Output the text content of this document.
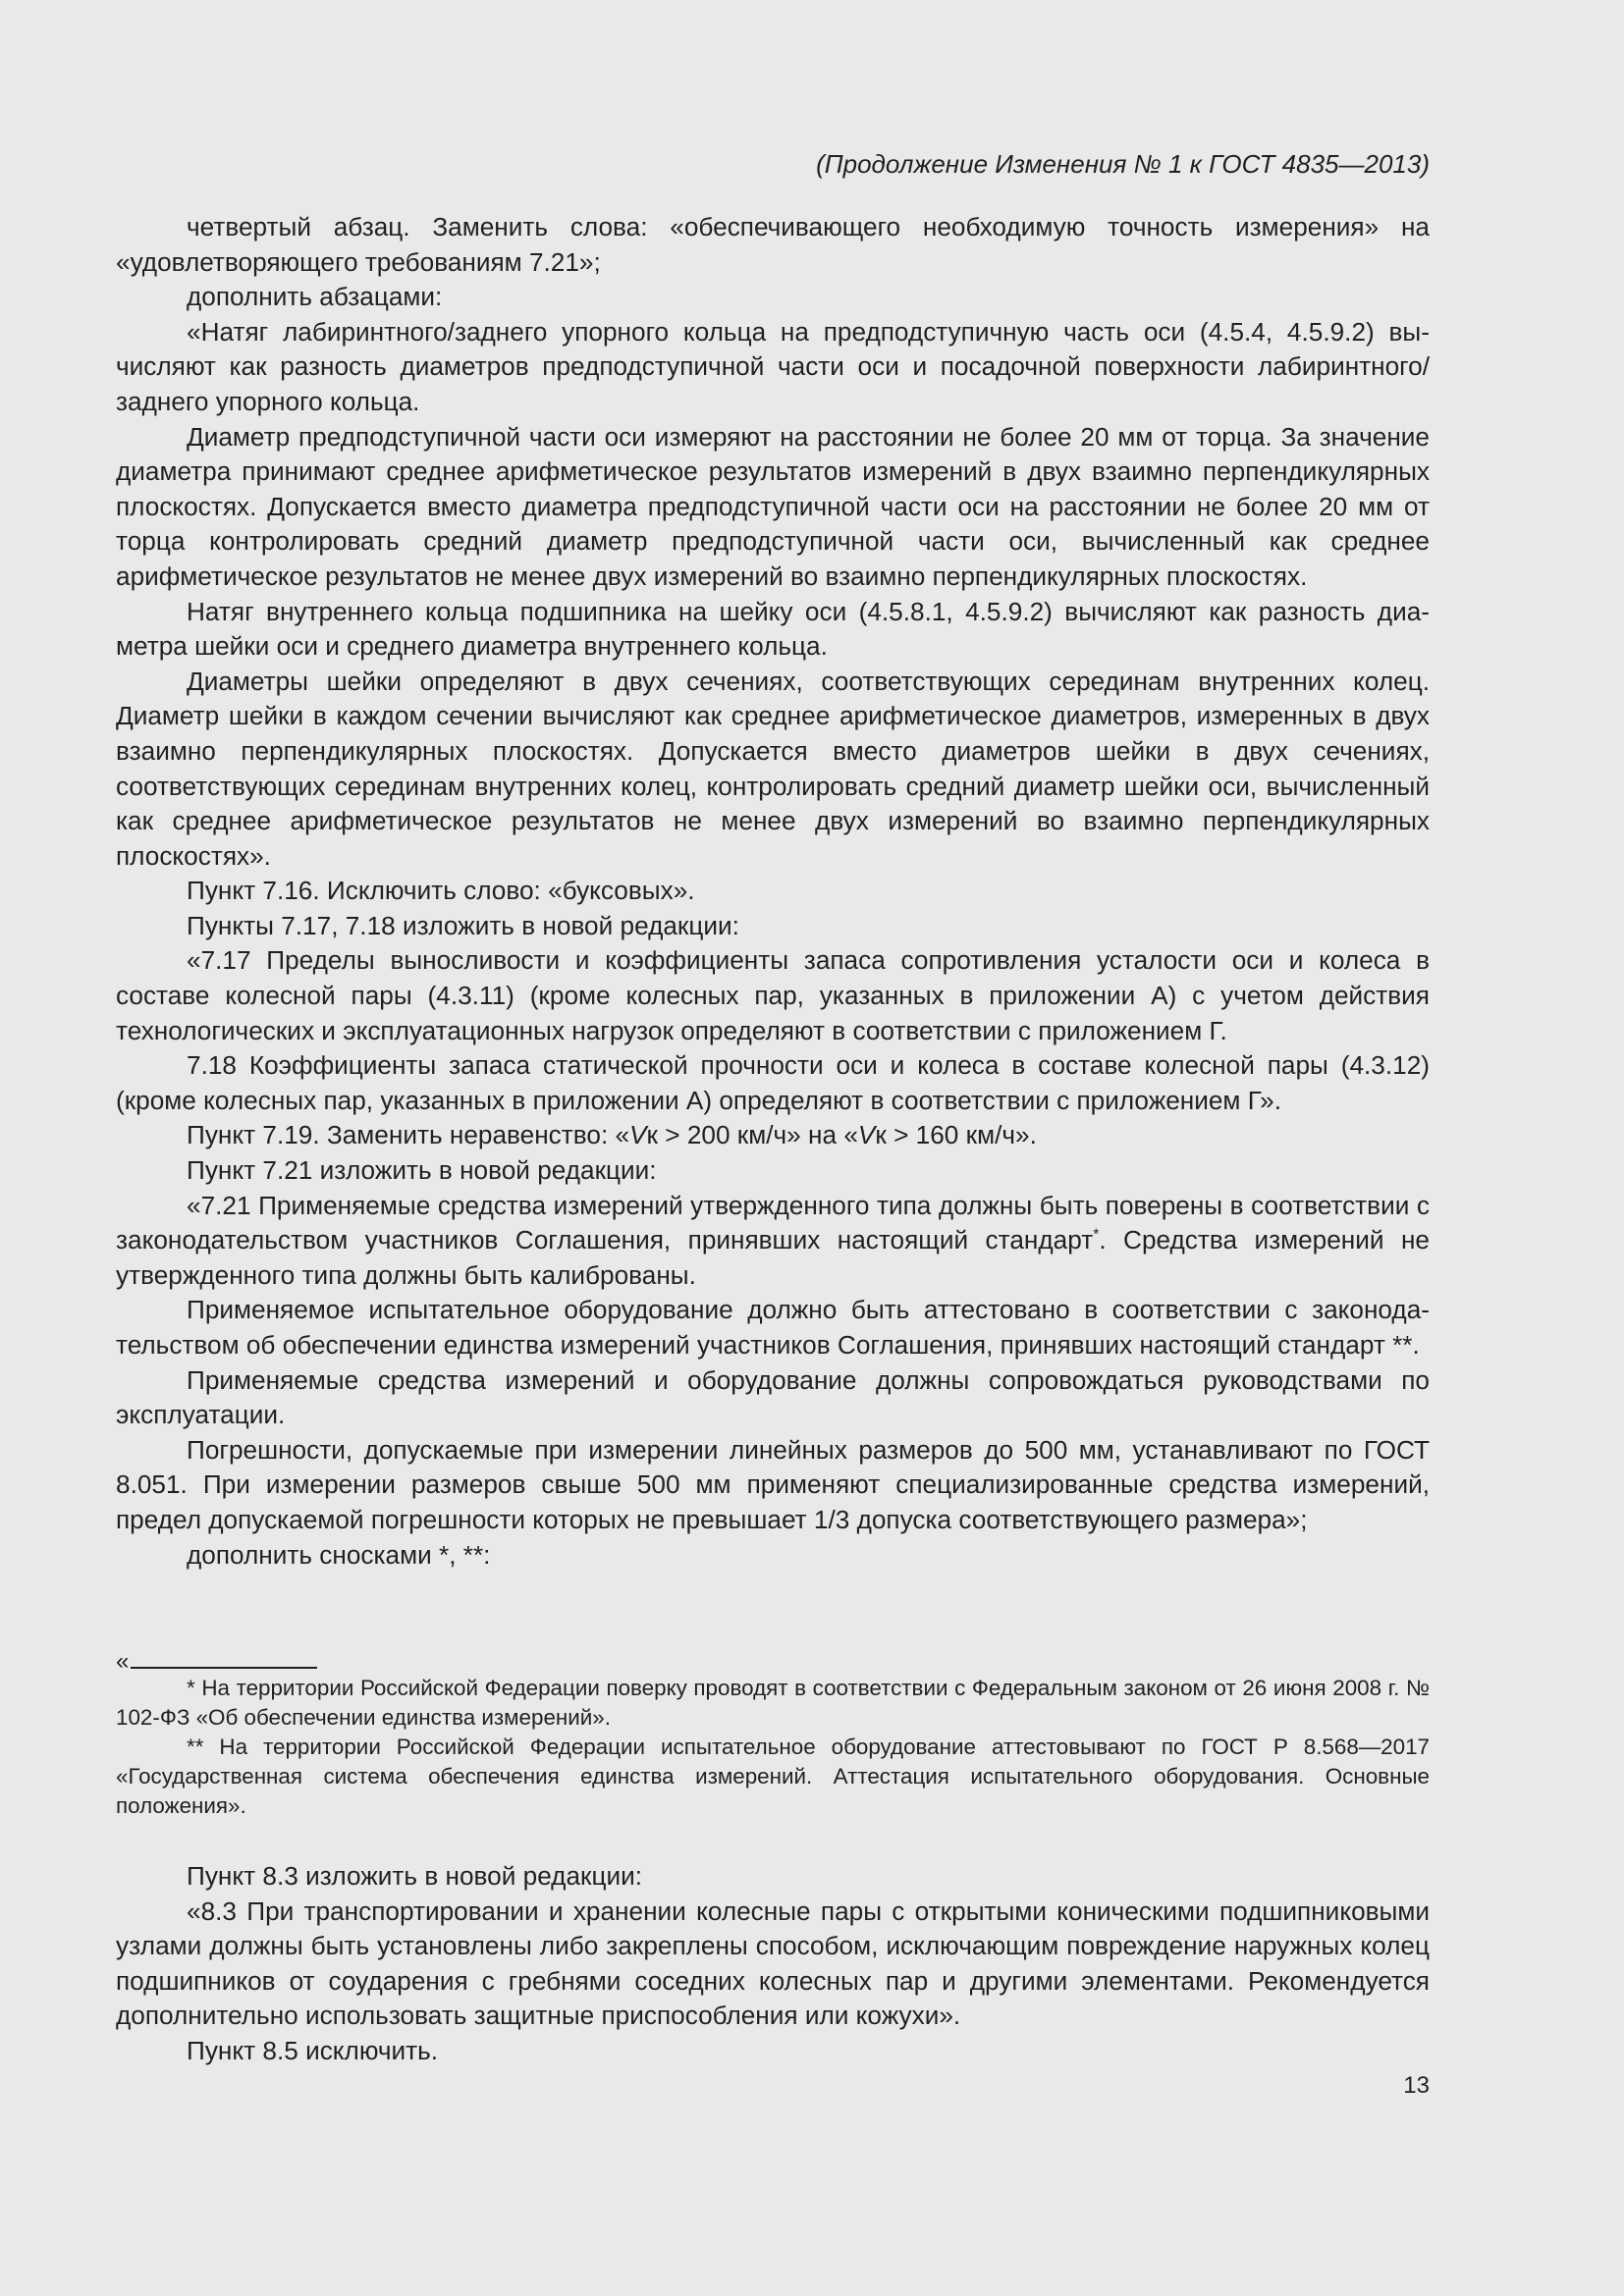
(Продолжение Изменения № 1 к ГОСТ 4835—2013)

четвертый абзац. Заменить слова: «обеспечивающего необходимую точность измерения» на «удовлетворяющего требованиям 7.21»;

дополнить абзацами:

«Натяг лабиринтного/заднего упорного кольца на предподступичную часть оси (4.5.4, 4.5.9.2) вычисляют как разность диаметров предподступичной части оси и посадочной поверхности лабиринтного/ заднего упорного кольца.

Диаметр предподступичной части оси измеряют на расстоянии не более 20 мм от торца. За значение диаметра принимают среднее арифметическое результатов измерений в двух взаимно перпендикулярных плоскостях. Допускается вместо диаметра предподступичной части оси на расстоянии не более 20 мм от торца контролировать средний диаметр предподступичной части оси, вычисленный как среднее арифметическое результатов не менее двух измерений во взаимно перпендикулярных плоскостях.

Натяг внутреннего кольца подшипника на шейку оси (4.5.8.1, 4.5.9.2) вычисляют как разность диаметра шейки оси и среднего диаметра внутреннего кольца.

Диаметры шейки определяют в двух сечениях, соответствующих серединам внутренних колец. Диаметр шейки в каждом сечении вычисляют как среднее арифметическое диаметров, измеренных в двух взаимно перпендикулярных плоскостях. Допускается вместо диаметров шейки в двух сечениях, соответствующих серединам внутренних колец, контролировать средний диаметр шейки оси, вычисленный как среднее арифметическое результатов не менее двух измерений во взаимно перпендикулярных плоскостях».

Пункт 7.16. Исключить слово: «буксовых».

Пункты 7.17, 7.18 изложить в новой редакции:

«7.17 Пределы выносливости и коэффициенты запаса сопротивления усталости оси и колеса в составе колесной пары (4.3.11) (кроме колесных пар, указанных в приложении А) с учетом действия технологических и эксплуатационных нагрузок определяют в соответствии с приложением Г.

7.18 Коэффициенты запаса статической прочности оси и колеса в составе колесной пары (4.3.12) (кроме колесных пар, указанных в приложении А) определяют в соответствии с приложением Г».

Пункт 7.19. Заменить неравенство: «Vк > 200 км/ч» на «Vк > 160 км/ч».

Пункт 7.21 изложить в новой редакции:

«7.21 Применяемые средства измерений утвержденного типа должны быть поверены в соответствии с законодательством участников Соглашения, принявших настоящий стандарт*. Средства измерений не утвержденного типа должны быть калиброваны.

Применяемое испытательное оборудование должно быть аттестовано в соответствии с законодательством об обеспечении единства измерений участников Соглашения, принявших настоящий стандарт **.

Применяемые средства измерений и оборудование должны сопровождаться руководствами по эксплуатации.

Погрешности, допускаемые при измерении линейных размеров до 500 мм, устанавливают по ГОСТ 8.051. При измерении размеров свыше 500 мм применяют специализированные средства измерений, предел допускаемой погрешности которых не превышает 1/3 допуска соответствующего размера»;

дополнить сносками *, **:

«

* На территории Российской Федерации поверку проводят в соответствии с Федеральным законом от 26 июня 2008 г. № 102-ФЗ «Об обеспечении единства измерений».

** На территории Российской Федерации испытательное оборудование аттестовывают по ГОСТ Р 8.568—2017 «Государственная система обеспечения единства измерений. Аттестация испытательного оборудования. Основные положения».

Пункт 8.3 изложить в новой редакции:

«8.3 При транспортировании и хранении колесные пары с открытыми коническими подшипниковыми узлами должны быть установлены либо закреплены способом, исключающим повреждение наружных колец подшипников от соударения с гребнями соседних колесных пар и другими элементами. Рекомендуется дополнительно использовать защитные приспособления или кожухи».

Пункт 8.5 исключить.

13
